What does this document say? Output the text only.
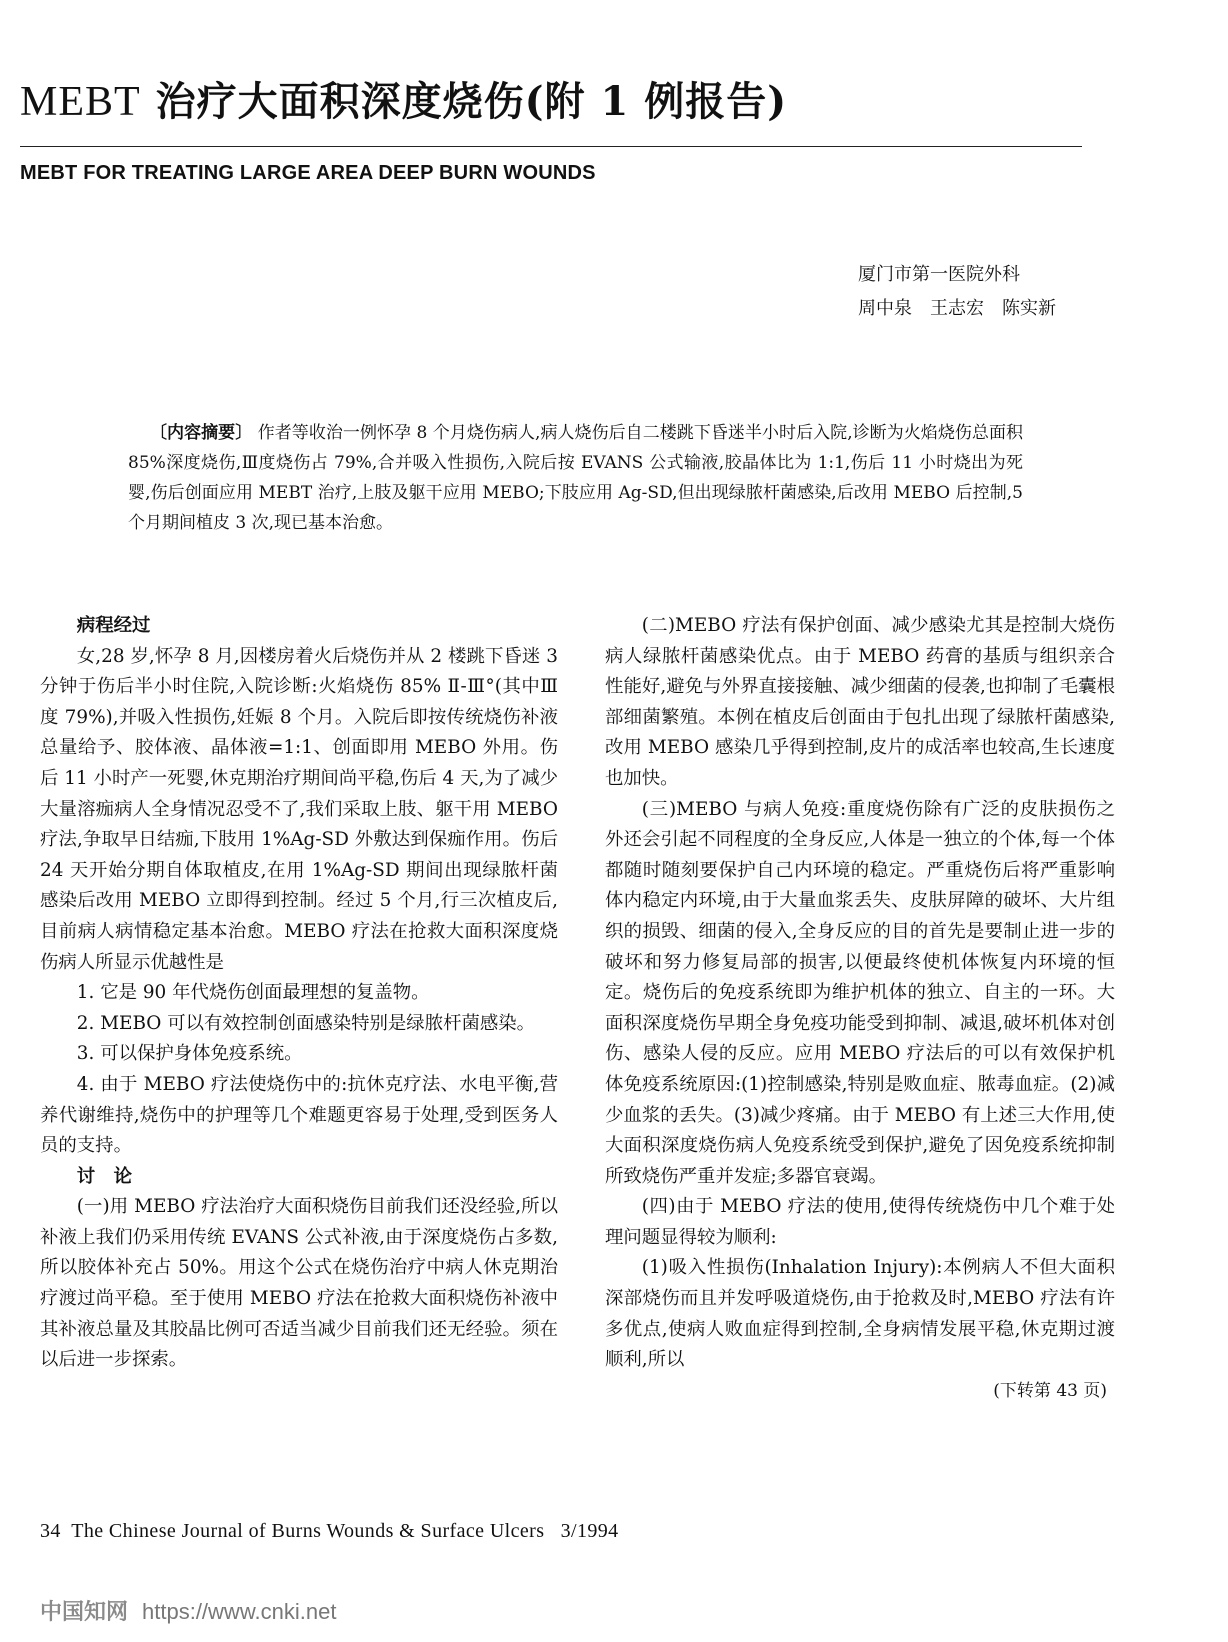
MEBT 治疗大面积深度烧伤(附 1 例报告)
MEBT FOR TREATING LARGE AREA DEEP BURN WOUNDS
厦门市第一医院外科
周中泉　王志宏　陈实新
〔内容摘要〕 作者等收治一例怀孕 8 个月烧伤病人,病人烧伤后自二楼跳下昏迷半小时后入院,诊断为火焰烧伤总面积 85%深度烧伤,Ⅲ度烧伤占 79%,合并吸入性损伤,入院后按 EVANS 公式输液,胶晶体比为 1:1,伤后 11 小时烧出为死婴,伤后创面应用 MEBT 治疗,上肢及躯干应用 MEBO;下肢应用 Ag-SD,但出现绿脓杆菌感染,后改用 MEBO 后控制,5 个月期间植皮 3 次,现已基本治愈。
病程经过

女,28 岁,怀孕 8 月,因楼房着火后烧伤并从 2 楼跳下昏迷 3 分钟于伤后半小时住院,入院诊断:火焰烧伤 85% Ⅱ-Ⅲ°(其中Ⅲ度 79%),并吸入性损伤,妊娠 8 个月。入院后即按传统烧伤补液总量给予、胶体液、晶体液=1:1、创面即用 MEBO 外用。伤后 11 小时产一死婴,休克期治疗期间尚平稳,伤后 4 天,为了减少大量溶痂病人全身情况忍受不了,我们采取上肢、躯干用 MEBO 疗法,争取早日结痂,下肢用 1%Ag-SD 外敷达到保痂作用。伤后 24 天开始分期自体取植皮,在用 1%Ag-SD 期间出现绿脓杆菌感染后改用 MEBO 立即得到控制。经过 5 个月,行三次植皮后,目前病人病情稳定基本治愈。MEBO 疗法在抢救大面积深度烧伤病人所显示优越性是

1. 它是 90 年代烧伤创面最理想的复盖物。

2. MEBO 可以有效控制创面感染特别是绿脓杆菌感染。

3. 可以保护身体免疫系统。

4. 由于 MEBO 疗法使烧伤中的:抗休克疗法、水电平衡,营养代谢维持,烧伤中的护理等几个难题更容易于处理,受到医务人员的支持。

讨　论

(一)用 MEBO 疗法治疗大面积烧伤目前我们还没经验,所以补液上我们仍采用传统 EVANS 公式补液,由于深度烧伤占多数,所以胶体补充占 50%。用这个公式在烧伤治疗中病人休克期治疗渡过尚平稳。至于使用 MEBO 疗法在抢救大面积烧伤补液中其补液总量及其胶晶比例可否适当减少目前我们还无经验。须在以后进一步探索。

(二)MEBO 疗法有保护创面、减少感染尤其是控制大烧伤病人绿脓杆菌感染优点。由于 MEBO 药膏的基质与组织亲合性能好,避免与外界直接接触、减少细菌的侵袭,也抑制了毛囊根部细菌繁殖。本例在植皮后创面由于包扎出现了绿脓杆菌感染,改用 MEBO 感染几乎得到控制,皮片的成活率也较高,生长速度也加快。

(三)MEBO 与病人免疫:重度烧伤除有广泛的皮肤损伤之外还会引起不同程度的全身反应,人体是一独立的个体,每一个体都随时随刻要保护自己内环境的稳定。严重烧伤后将严重影响体内稳定内环境,由于大量血浆丢失、皮肤屏障的破坏、大片组织的损毁、细菌的侵入,全身反应的目的首先是要制止进一步的破坏和努力修复局部的损害,以便最终使机体恢复内环境的恒定。烧伤后的免疫系统即为维护机体的独立、自主的一环。大面积深度烧伤早期全身免疫功能受到抑制、减退,破坏机体对创伤、感染人侵的反应。应用 MEBO 疗法后的可以有效保护机体免疫系统原因:(1)控制感染,特别是败血症、脓毒血症。(2)减少血浆的丢失。(3)减少疼痛。由于 MEBO 有上述三大作用,使大面积深度烧伤病人免疫系统受到保护,避免了因免疫系统抑制所致烧伤严重并发症;多器官衰竭。

(四)由于 MEBO 疗法的使用,使得传统烧伤中几个难于处理问题显得较为顺利:

(1)吸入性损伤(Inhalation Injury):本例病人不但大面积深部烧伤而且并发呼吸道烧伤,由于抢救及时,MEBO 疗法有许多优点,使病人败血症得到控制,全身病情发展平稳,休克期过渡顺利,所以

(下转第 43 页)
34  The Chinese Journal of Burns Wounds & Surface Ulcers   3/1994
中国知网 https://www.cnki.net
